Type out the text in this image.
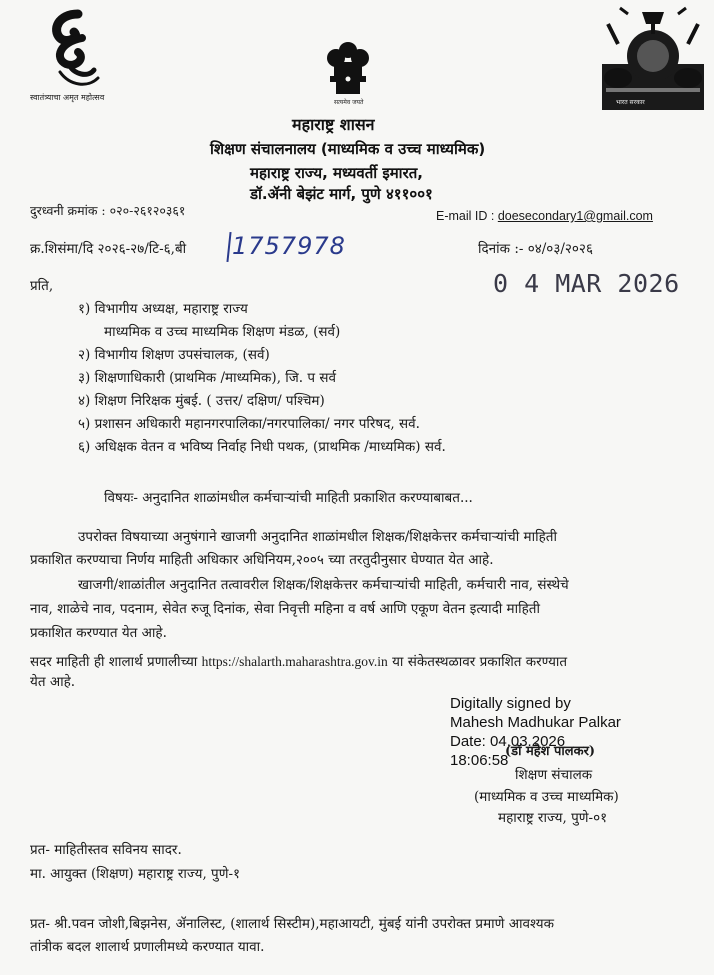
स्वातंत्र्याचा अमृत महोत्सव
सत्यमेव जयते	भारत सरकार
महाराष्ट्र शासन
शिक्षण संचालनालय (माध्यमिक व उच्च माध्यमिक)
महाराष्ट्र राज्य, मध्यवर्ती इमारत,
डॉ.ॲनी बेझंट मार्ग, पुणे ४११००१
दुरध्वनी क्रमांक : ०२०-२६१२०३६१	E-mail ID : doesecondary1@gmail.com
क्र.शिसंमा/दि २०२६-२७/टि-६,बी 1757978	दिनांक :- ०४/०३/२०२६
0 4 MAR 2026
प्रति,
१) विभागीय अध्यक्ष, महाराष्ट्र राज्य
माध्यमिक व उच्च माध्यमिक शिक्षण मंडळ, (सर्व)
२) विभागीय शिक्षण उपसंचालक, (सर्व)
३) शिक्षणाधिकारी (प्राथमिक /माध्यमिक), जि. प सर्व
४) शिक्षण निरिक्षक मुंबई. ( उत्तर/ दक्षिण/ पश्चिम)
५) प्रशासन अधिकारी महानगरपालिका/नगरपालिका/ नगर परिषद, सर्व.
६) अधिक्षक वेतन व भविष्य निर्वाह निधी पथक, (प्राथमिक /माध्यमिक) सर्व.
विषयः- अनुदानित शाळांमधील कर्मचाऱ्यांची माहिती प्रकाशित करण्याबाबत...
उपरोक्त विषयाच्या अनुषंगाने खाजगी अनुदानित शाळांमधील शिक्षक/शिक्षकेत्तर कर्मचाऱ्यांची माहिती
प्रकाशित करण्याचा निर्णय माहिती अधिकार अधिनियम,२००५ च्या तरतुदीनुसार घेण्यात येत आहे.
खाजगी/शाळांतील अनुदानित तत्वावरील शिक्षक/शिक्षकेत्तर कर्मचाऱ्यांची माहिती, कर्मचारी नाव, संस्थेचे
नाव, शाळेचे नाव, पदनाम, सेवेत रुजू दिनांक, सेवा निवृत्ती महिना व वर्ष आणि एकूण वेतन इत्यादी माहिती
प्रकाशित करण्यात येत आहे.
सदर माहिती ही शालार्थ प्रणालीच्या https://shalarth.maharashtra.gov.in या संकेतस्थळावर प्रकाशित करण्यात
येत आहे.
Digitally signed by
Mahesh Madhukar Palkar
Date: 04.03.2026
18:06:58
(डॉ महेश पालकर)
शिक्षण संचालक
(माध्यमिक व उच्च माध्यमिक)
महाराष्ट्र राज्य, पुणे-०१
प्रत- माहितीस्तव सविनय सादर.
मा. आयुक्त (शिक्षण) महाराष्ट्र राज्य, पुणे-१
प्रत- श्री.पवन जोशी,बिझनेस, ॲनालिस्ट, (शालार्थ सिस्टीम),महाआयटी, मुंबई यांनी उपरोक्त प्रमाणे आवश्यक
तांत्रीक बदल शालार्थ प्रणालीमध्ये करण्यात यावा.
